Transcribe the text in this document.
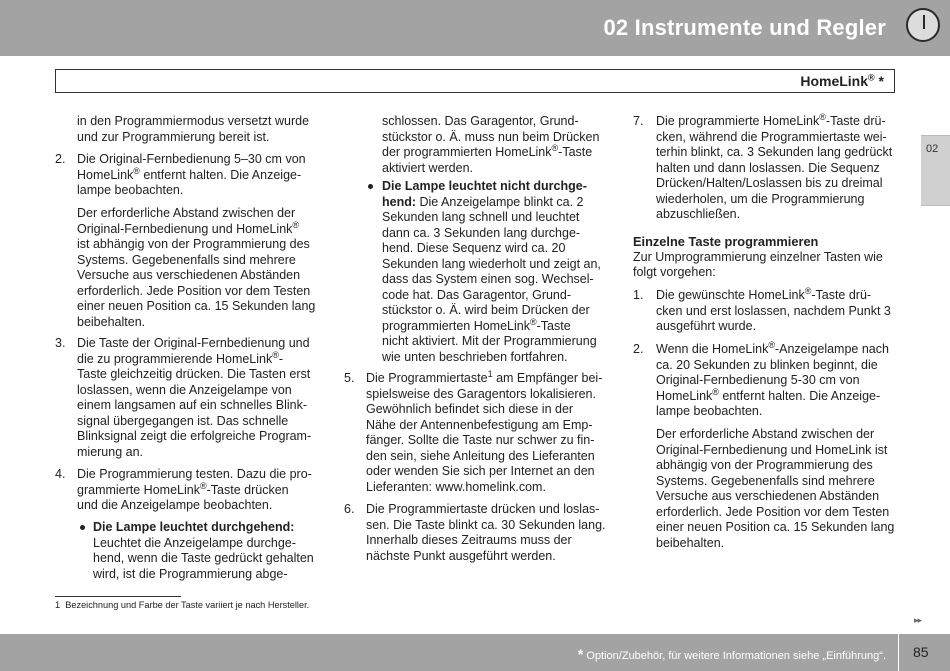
02 Instrumente und Regler
HomeLink® *
02
in den Programmiermodus versetzt wurde
und zur Programmierung bereit ist.
2. Die Original-Fernbedienung 5–30 cm von
HomeLink® entfernt halten. Die Anzeige-
lampe beobachten.
Der erforderliche Abstand zwischen der
Original-Fernbedienung und HomeLink®
ist abhängig von der Programmierung des
Systems. Gegebenenfalls sind mehrere
Versuche aus verschiedenen Abständen
erforderlich. Jede Position vor dem Testen
einer neuen Position ca. 15 Sekunden lang
beibehalten.
3. Die Taste der Original-Fernbedienung und
die zu programmierende HomeLink®-
Taste gleichzeitig drücken. Die Tasten erst
loslassen, wenn die Anzeigelampe von
einem langsamen auf ein schnelles Blink-
signal übergegangen ist. Das schnelle
Blinksignal zeigt die erfolgreiche Program-
mierung an.
4. Die Programmierung testen. Dazu die pro-
grammierte HomeLink®-Taste drücken
und die Anzeigelampe beobachten.
Die Lampe leuchtet durchgehend:
Leuchtet die Anzeigelampe durchge-
hend, wenn die Taste gedrückt gehalten
wird, ist die Programmierung abge-
schlossen. Das Garagentor, Grund-
stückstor o. Ä. muss nun beim Drücken
der programmierten HomeLink®-Taste
aktiviert werden.
Die Lampe leuchtet nicht durchge-
hend: Die Anzeigelampe blinkt ca. 2
Sekunden lang schnell und leuchtet
dann ca. 3 Sekunden lang durchge-
hend. Diese Sequenz wird ca. 20
Sekunden lang wiederholt und zeigt an,
dass das System einen sog. Wechsel-
code hat. Das Garagentor, Grund-
stückstor o. Ä. wird beim Drücken der
programmierten HomeLink®-Taste
nicht aktiviert. Mit der Programmierung
wie unten beschrieben fortfahren.
5. Die Programmiertaste$^1$ am Empfänger bei-
spielsweise des Garagentors lokalisieren.
Gewöhnlich befindet sich diese in der
Nähe der Antennenbefestigung am Emp-
fänger. Sollte die Taste nur schwer zu fin-
den sein, siehe Anleitung des Lieferanten
oder wenden Sie sich per Internet an den
Lieferanten: www.homelink.com.
6. Die Programmiertaste drücken und loslas-
sen. Die Taste blinkt ca. 30 Sekunden lang.
Innerhalb dieses Zeitraums muss der
nächste Punkt ausgeführt werden.
7. Die programmierte HomeLink®-Taste drü-
cken, während die Programmiertaste wei-
terhin blinkt, ca. 3 Sekunden lang gedrückt
halten und dann loslassen. Die Sequenz
Drücken/Halten/Loslassen bis zu dreimal
wiederholen, um die Programmierung
abzuschließen.
Einzelne Taste programmieren
Zur Umprogrammierung einzelner Tasten wie
folgt vorgehen:
1. Die gewünschte HomeLink®-Taste drü-
cken und erst loslassen, nachdem Punkt 3
ausgeführt wurde.
2. Wenn die HomeLink®-Anzeigelampe nach
ca. 20 Sekunden zu blinken beginnt, die
Original-Fernbedienung 5-30 cm von
HomeLink® entfernt halten. Die Anzeige-
lampe beobachten.
Der erforderliche Abstand zwischen der
Original-Fernbedienung und HomeLink ist
abhängig von der Programmierung des
Systems. Gegebenenfalls sind mehrere
Versuche aus verschiedenen Abständen
erforderlich. Jede Position vor dem Testen
einer neuen Position ca. 15 Sekunden lang
beibehalten.
1 Bezeichnung und Farbe der Taste variiert je nach Hersteller.
▸▸
* Option/Zubehör, für weitere Informationen siehe „Einführung“. 85
